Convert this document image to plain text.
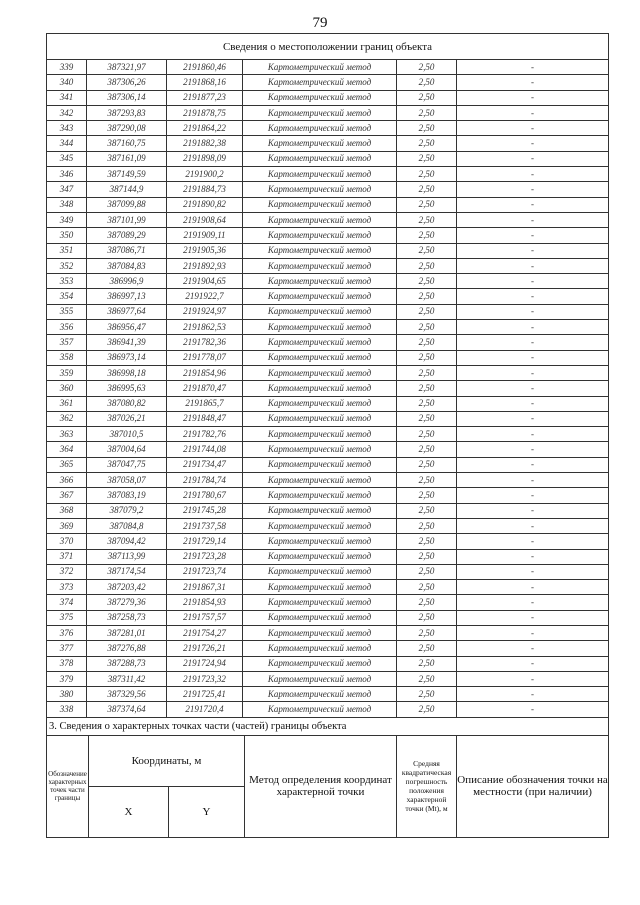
79
Сведения о местоположении границ объекта					
339	387321,97	2191860,46	Картометрический метод	2,50	-
340	387306,26	2191868,16	Картометрический метод	2,50	-
341	387306,14	2191877,23	Картометрический метод	2,50	-
342	387293,83	2191878,75	Картометрический метод	2,50	-
343	387290,08	2191864,22	Картометрический метод	2,50	-
344	387160,75	2191882,38	Картометрический метод	2,50	-
345	387161,09	2191898,09	Картометрический метод	2,50	-
346	387149,59	2191900,2	Картометрический метод	2,50	-
347	387144,9	2191884,73	Картометрический метод	2,50	-
348	387099,88	2191890,82	Картометрический метод	2,50	-
349	387101,99	2191908,64	Картометрический метод	2,50	-
350	387089,29	2191909,11	Картометрический метод	2,50	-
351	387086,71	2191905,36	Картометрический метод	2,50	-
352	387084,83	2191892,93	Картометрический метод	2,50	-
353	386996,9	2191904,65	Картометрический метод	2,50	-
354	386997,13	2191922,7	Картометрический метод	2,50	-
355	386977,64	2191924,97	Картометрический метод	2,50	-
356	386956,47	2191862,53	Картометрический метод	2,50	-
357	386941,39	2191782,36	Картометрический метод	2,50	-
358	386973,14	2191778,07	Картометрический метод	2,50	-
359	386998,18	2191854,96	Картометрический метод	2,50	-
360	386995,63	2191870,47	Картометрический метод	2,50	-
361	387080,82	2191865,7	Картометрический метод	2,50	-
362	387026,21	2191848,47	Картометрический метод	2,50	-
363	387010,5	2191782,76	Картометрический метод	2,50	-
364	387004,64	2191744,08	Картометрический метод	2,50	-
365	387047,75	2191734,47	Картометрический метод	2,50	-
366	387058,07	2191784,74	Картометрический метод	2,50	-
367	387083,19	2191780,67	Картометрический метод	2,50	-
368	387079,2	2191745,28	Картометрический метод	2,50	-
369	387084,8	2191737,58	Картометрический метод	2,50	-
370	387094,42	2191729,14	Картометрический метод	2,50	-
371	387113,99	2191723,28	Картометрический метод	2,50	-
372	387174,54	2191723,74	Картометрический метод	2,50	-
373	387203,42	2191867,31	Картометрический метод	2,50	-
374	387279,36	2191854,93	Картометрический метод	2,50	-
375	387258,73	2191757,57	Картометрический метод	2,50	-
376	387281,01	2191754,27	Картометрический метод	2,50	-
377	387276,88	2191726,21	Картометрический метод	2,50	-
378	387288,73	2191724,94	Картометрический метод	2,50	-
379	387311,42	2191723,32	Картометрический метод	2,50	-
380	387329,56	2191725,41	Картометрический метод	2,50	-
338	387374,64	2191720,4	Картометрический метод	2,50	-
3. Сведения о характерных точках части (частей) границы объекта					
Обозначение характерных точек части границы	Координаты, м		Метод определения координат характерной точки	Средняя квадратическая погрешность положения характерной точки (Mt), м	Описание обозначения точки на местности (при наличии)
	X	Y			
